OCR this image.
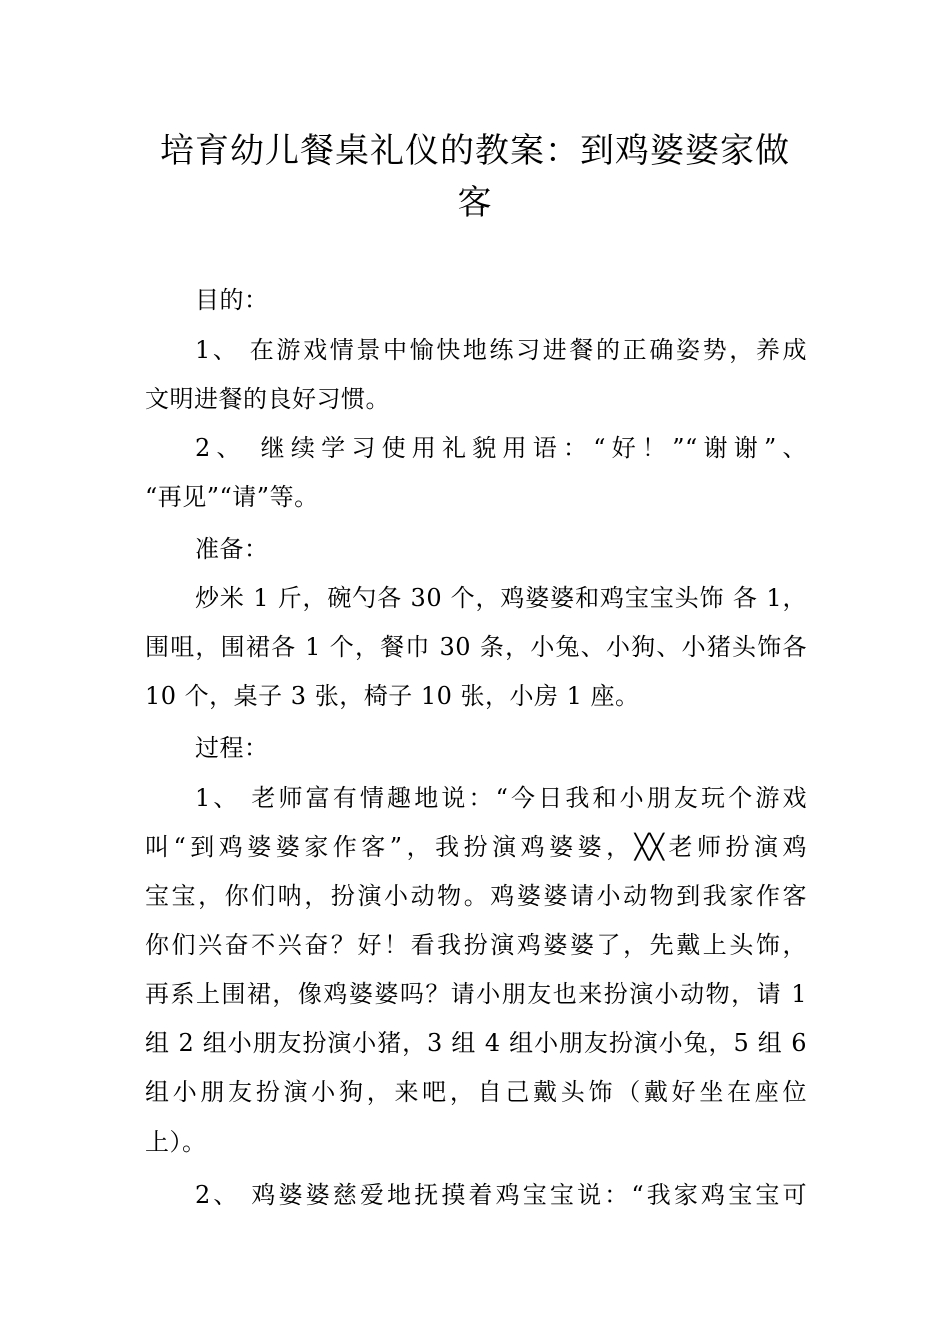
培育幼儿餐桌礼仪的教案：到鸡婆婆家做
客
目的：
1、 在游戏情景中愉快地练习进餐的正确姿势，养成
文明进餐的良好习惯。
2、 继续学习使用礼貌用语：“好！”“谢谢”、
“再见”“请”等。
准备：
炒米 1 斤，碗勺各 30 个，鸡婆婆和鸡宝宝头饰 各 1，
围咀，围裙各 1 个，餐巾 30 条，小兔、小狗、小猪头饰各
10 个，桌子 3 张，椅子 10 张，小房 1 座。
过程：
1、 老师富有情趣地说：“今日我和小朋友玩个游戏
叫“到鸡婆婆家作客”，我扮演鸡婆婆，╳╳老师扮演鸡
宝宝，你们呐，扮演小动物。鸡婆婆请小动物到我家作客
你们兴奋不兴奋？好！看我扮演鸡婆婆了，先戴上头饰，
再系上围裙，像鸡婆婆吗？请小朋友也来扮演小动物，请 1
组 2 组小朋友扮演小猪，3 组 4 组小朋友扮演小兔，5 组 6
组小朋友扮演小狗，来吧，自己戴头饰（戴好坐在座位
上）。
2、 鸡婆婆慈爱地抚摸着鸡宝宝说：“我家鸡宝宝可
